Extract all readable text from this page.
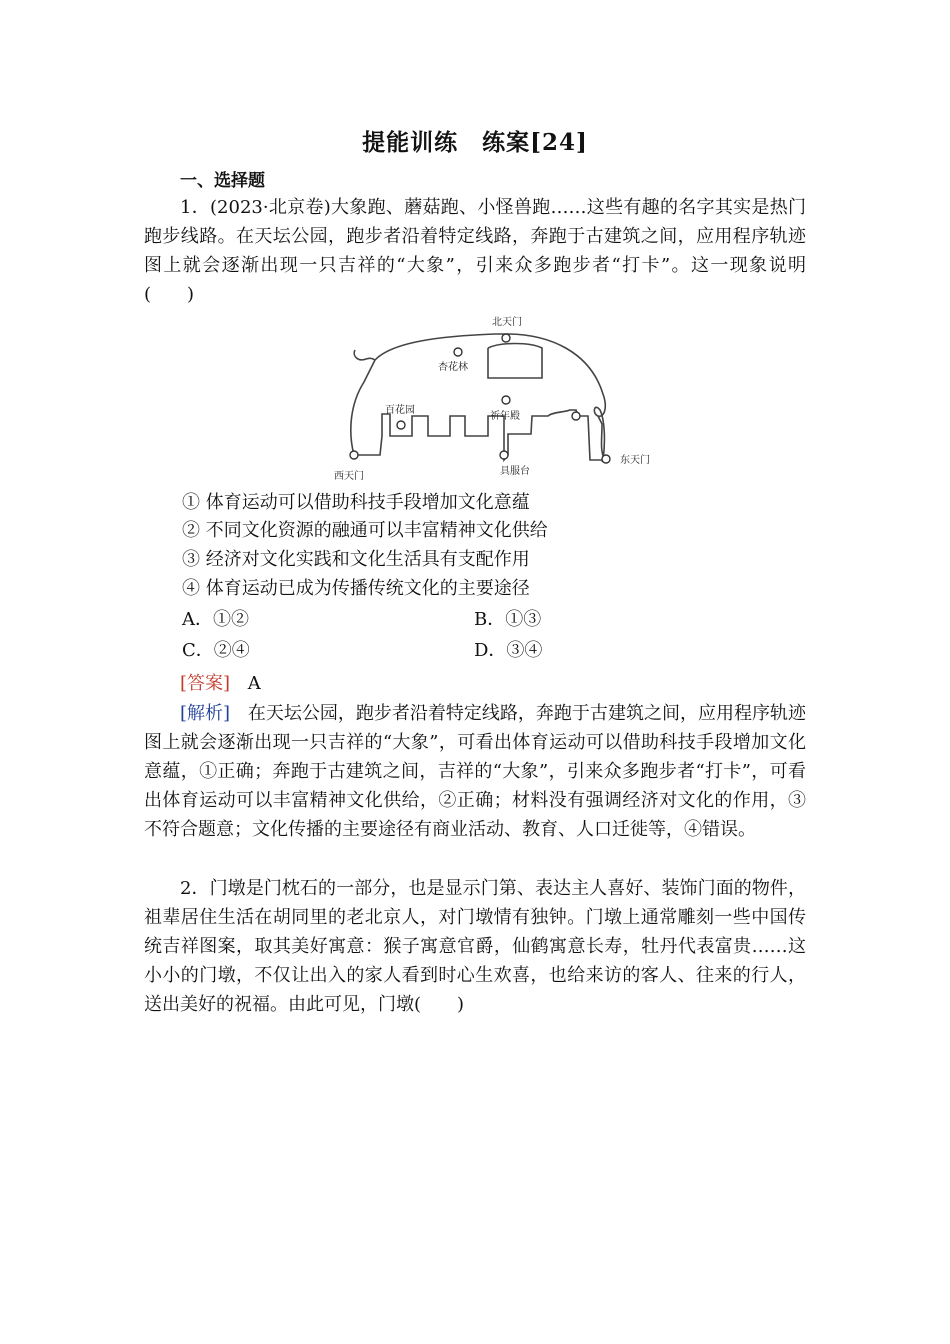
提能训练　练案[24]
一、选择题
1．(2023·北京卷)大象跑、蘑菇跑、小怪兽跑……这些有趣的名字其实是热门跑步线路。在天坛公园，跑步者沿着特定线路，奔跑于古建筑之间，应用程序轨迹图上就会逐渐出现一只吉祥的“大象”，引来众多跑步者“打卡”。这一现象说明(　　)
北天门
杏花林
百花园
祈年殿
西天门	具服台
东天门
① 体育运动可以借助科技手段增加文化意蕴
② 不同文化资源的融通可以丰富精神文化供给
③ 经济对文化实践和文化生活具有支配作用
④ 体育运动已成为传播传统文化的主要途径
A．①②	B．①③
C．②④	D．③④
[答案] A
[解析] 在天坛公园，跑步者沿着特定线路，奔跑于古建筑之间，应用程序轨迹图上就会逐渐出现一只吉祥的“大象”，可看出体育运动可以借助科技手段增加文化意蕴，①正确；奔跑于古建筑之间，吉祥的“大象”，引来众多跑步者“打卡”，可看出体育运动可以丰富精神文化供给，②正确；材料没有强调经济对文化的作用，③不符合题意；文化传播的主要途径有商业活动、教育、人口迁徙等，④错误。
2．门墩是门枕石的一部分，也是显示门第、表达主人喜好、装饰门面的物件，祖辈居住生活在胡同里的老北京人，对门墩情有独钟。门墩上通常雕刻一些中国传统吉祥图案，取其美好寓意：猴子寓意官爵，仙鹤寓意长寿，牡丹代表富贵……这小小的门墩，不仅让出入的家人看到时心生欢喜，也给来访的客人、往来的行人，送出美好的祝福。由此可见，门墩(　　)
